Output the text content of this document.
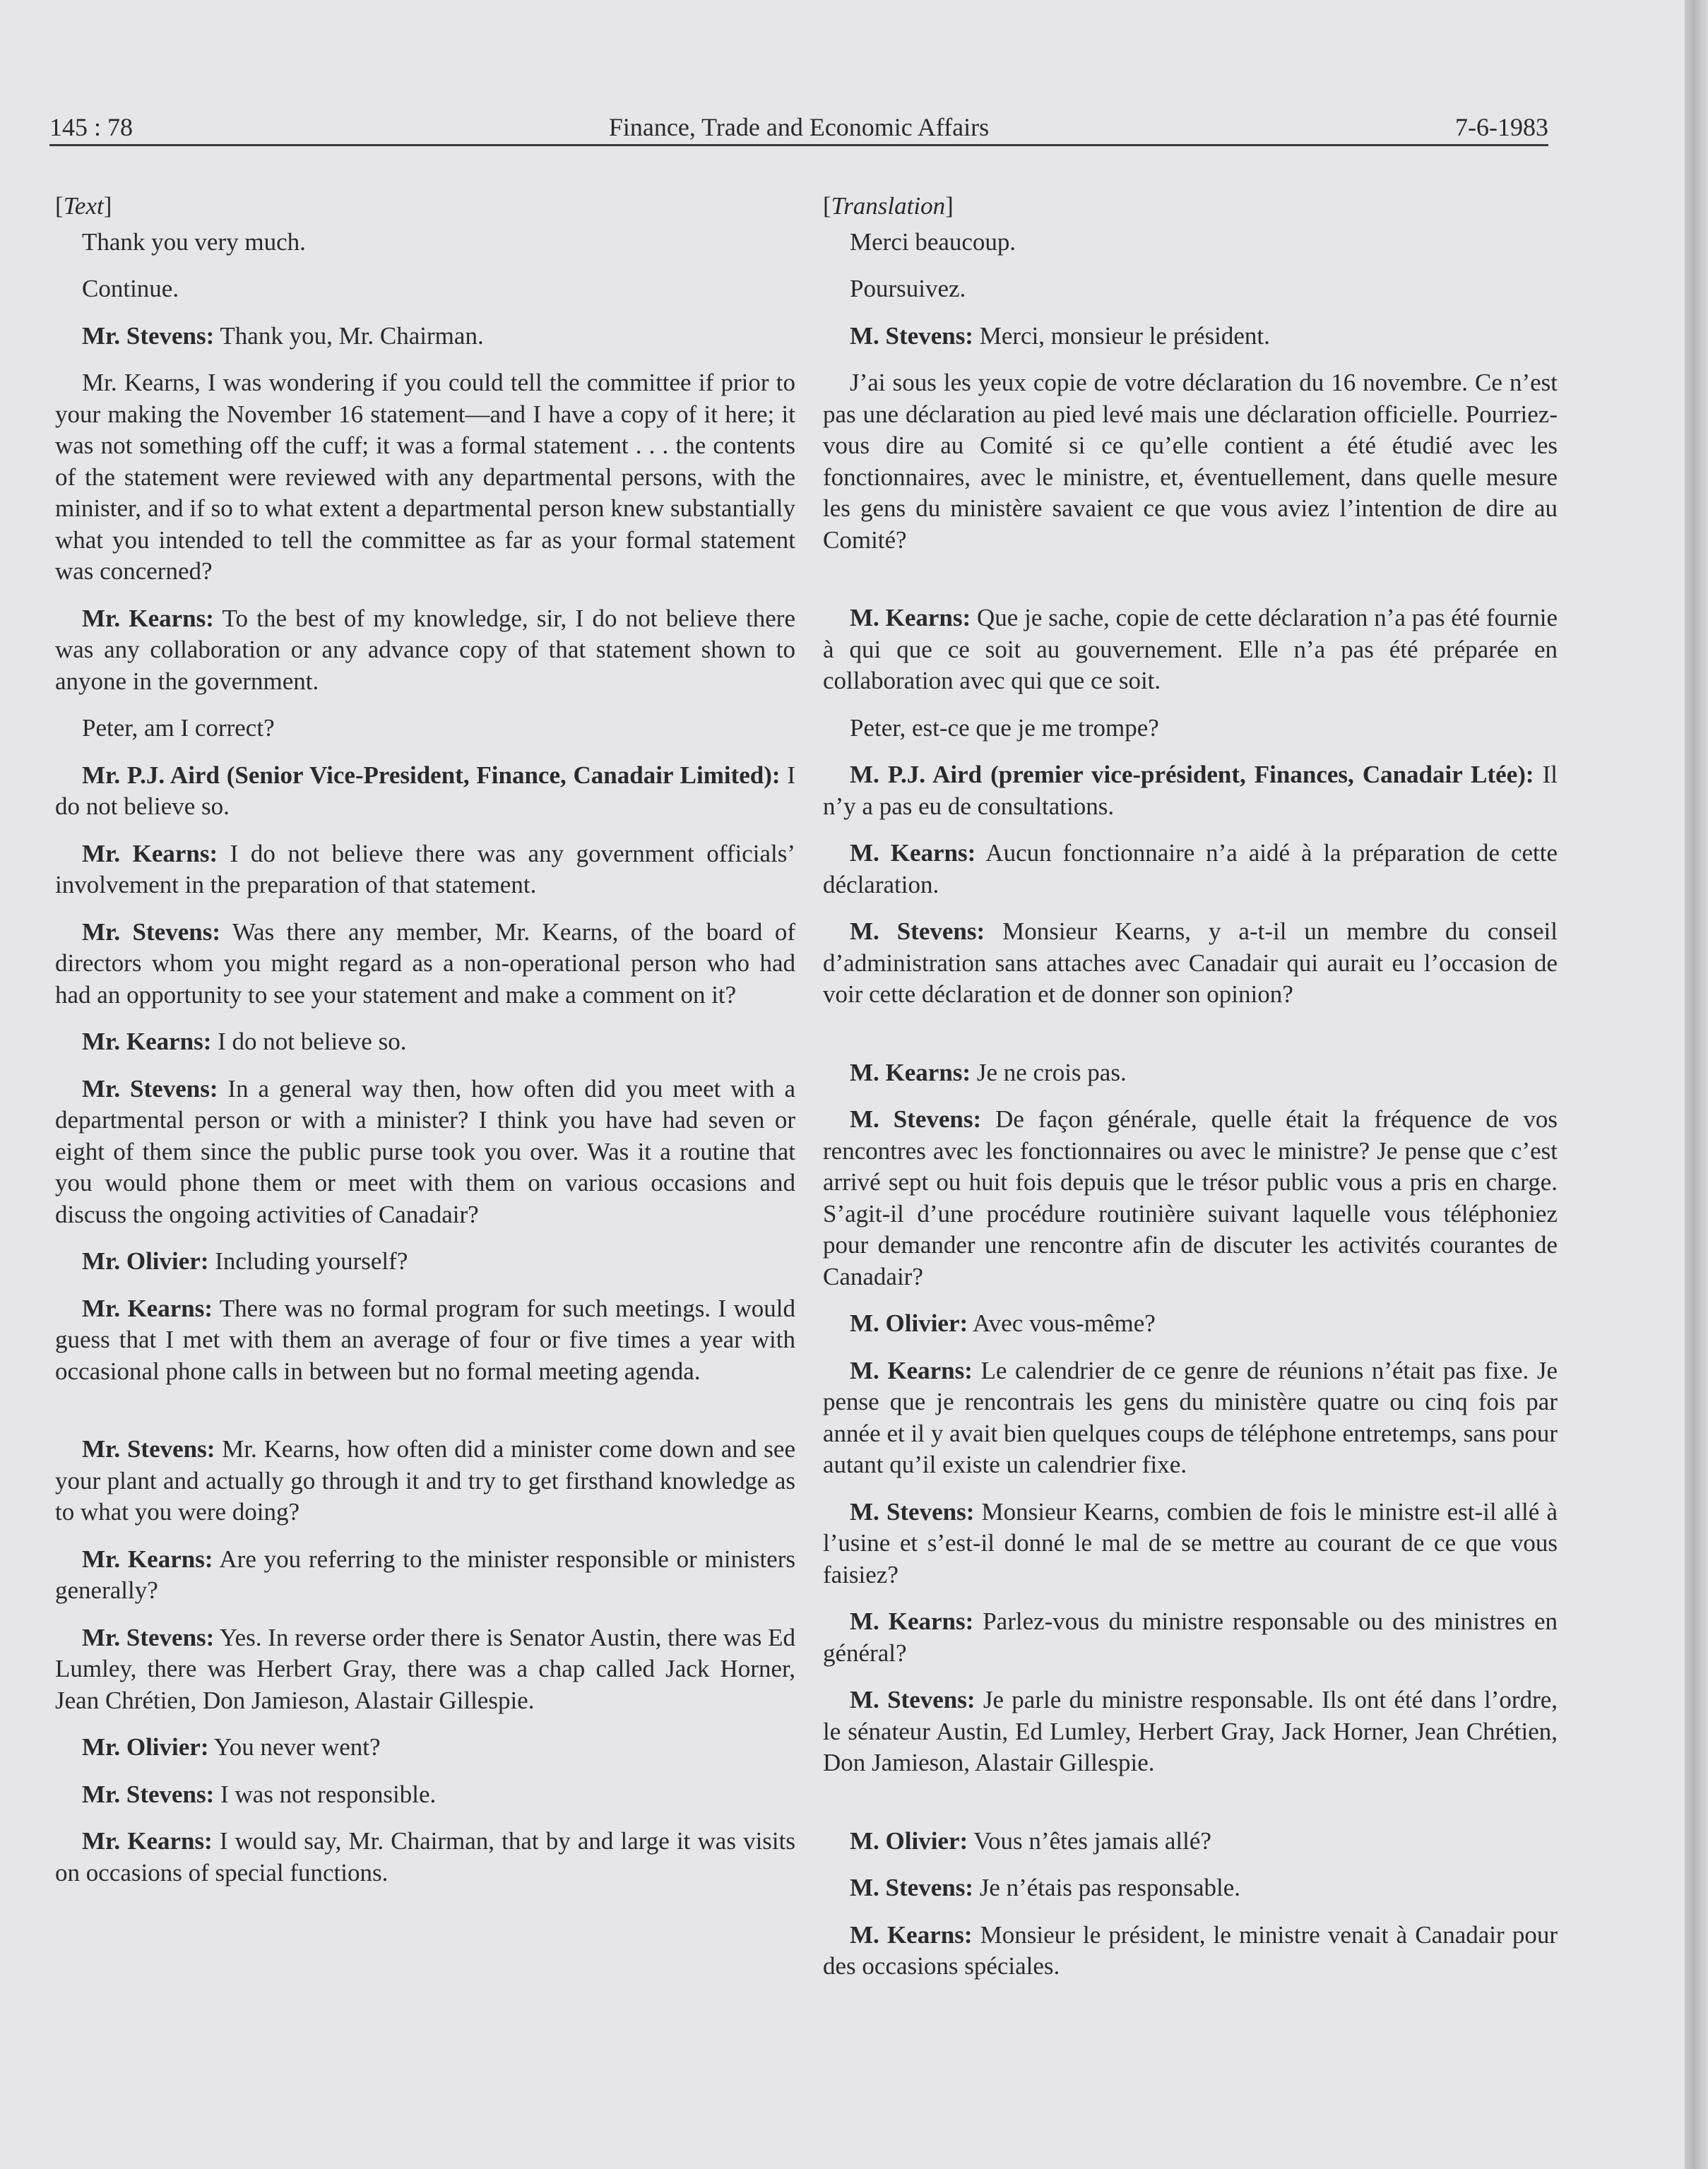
145 : 78	Finance, Trade and Economic Affairs	7-6-1983

[Text]

Thank you very much.

Continue.

Mr. Stevens: Thank you, Mr. Chairman.

Mr. Kearns, I was wondering if you could tell the committee if prior to your making the November 16 statement—and I have a copy of it here; it was not something off the cuff; it was a formal statement . . . the contents of the statement were reviewed with any departmental persons, with the minister, and if so to what extent a departmental person knew substantially what you intended to tell the committee as far as your formal statement was concerned?

Mr. Kearns: To the best of my knowledge, sir, I do not believe there was any collaboration or any advance copy of that statement shown to anyone in the government.

Peter, am I correct?

Mr. P.J. Aird (Senior Vice-President, Finance, Canadair Limited): I do not believe so.

Mr. Kearns: I do not believe there was any government officials’ involvement in the preparation of that statement.

Mr. Stevens: Was there any member, Mr. Kearns, of the board of directors whom you might regard as a non-operational person who had had an opportunity to see your statement and make a comment on it?

Mr. Kearns: I do not believe so.

Mr. Stevens: In a general way then, how often did you meet with a departmental person or with a minister? I think you have had seven or eight of them since the public purse took you over. Was it a routine that you would phone them or meet with them on various occasions and discuss the ongoing activities of Canadair?

Mr. Olivier: Including yourself?

Mr. Kearns: There was no formal program for such meetings. I would guess that I met with them an average of four or five times a year with occasional phone calls in between but no formal meeting agenda.

Mr. Stevens: Mr. Kearns, how often did a minister come down and see your plant and actually go through it and try to get firsthand knowledge as to what you were doing?

Mr. Kearns: Are you referring to the minister responsible or ministers generally?

Mr. Stevens: Yes. In reverse order there is Senator Austin, there was Ed Lumley, there was Herbert Gray, there was a chap called Jack Horner, Jean Chrétien, Don Jamieson, Alastair Gillespie.

Mr. Olivier: You never went?

Mr. Stevens: I was not responsible.

Mr. Kearns: I would say, Mr. Chairman, that by and large it was visits on occasions of special functions.

[Translation]

Merci beaucoup.

Poursuivez.

M. Stevens: Merci, monsieur le président.

J’ai sous les yeux copie de votre déclaration du 16 novembre. Ce n’est pas une déclaration au pied levé mais une déclaration officielle. Pourriez-vous dire au Comité si ce qu’elle contient a été étudié avec les fonctionnaires, avec le ministre, et, éventuellement, dans quelle mesure les gens du ministère savaient ce que vous aviez l’intention de dire au Comité?

M. Kearns: Que je sache, copie de cette déclaration n’a pas été fournie à qui que ce soit au gouvernement. Elle n’a pas été préparée en collaboration avec qui que ce soit.

Peter, est-ce que je me trompe?

M. P.J. Aird (premier vice-président, Finances, Canadair Ltée): Il n’y a pas eu de consultations.

M. Kearns: Aucun fonctionnaire n’a aidé à la préparation de cette déclaration.

M. Stevens: Monsieur Kearns, y a-t-il un membre du conseil d’administration sans attaches avec Canadair qui aurait eu l’occasion de voir cette déclaration et de donner son opinion?

M. Kearns: Je ne crois pas.

M. Stevens: De façon générale, quelle était la fréquence de vos rencontres avec les fonctionnaires ou avec le ministre? Je pense que c’est arrivé sept ou huit fois depuis que le trésor public vous a pris en charge. S’agit-il d’une procédure routinière suivant laquelle vous téléphoniez pour demander une rencontre afin de discuter les activités courantes de Canadair?

M. Olivier: Avec vous-même?

M. Kearns: Le calendrier de ce genre de réunions n’était pas fixe. Je pense que je rencontrais les gens du ministère quatre ou cinq fois par année et il y avait bien quelques coups de téléphone entretemps, sans pour autant qu’il existe un calendrier fixe.

M. Stevens: Monsieur Kearns, combien de fois le ministre est-il allé à l’usine et s’est-il donné le mal de se mettre au courant de ce que vous faisiez?

M. Kearns: Parlez-vous du ministre responsable ou des ministres en général?

M. Stevens: Je parle du ministre responsable. Ils ont été dans l’ordre, le sénateur Austin, Ed Lumley, Herbert Gray, Jack Horner, Jean Chrétien, Don Jamieson, Alastair Gillespie.

M. Olivier: Vous n’êtes jamais allé?

M. Stevens: Je n’étais pas responsable.

M. Kearns: Monsieur le président, le ministre venait à Canadair pour des occasions spéciales.
